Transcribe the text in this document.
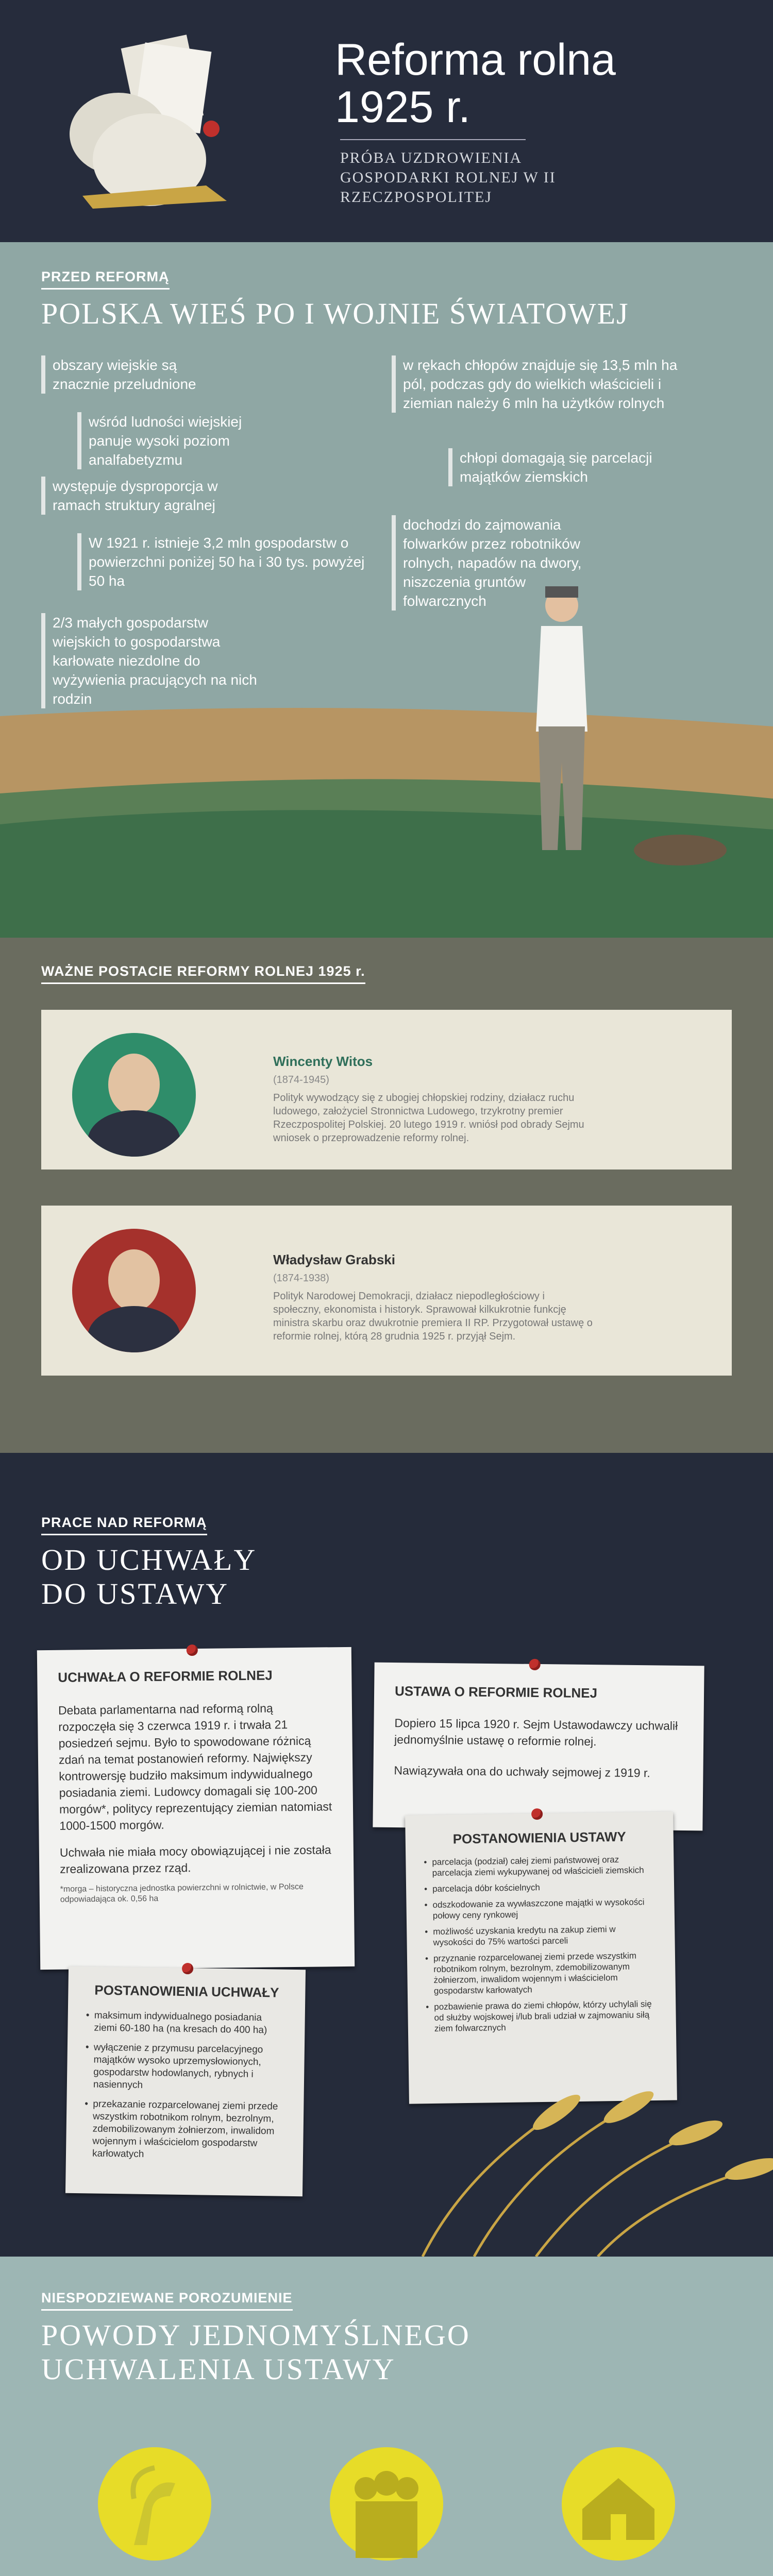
Reforma rolna
1925 r.
PRÓBA UZDROWIENIA GOSPODARKI ROLNEJ W II RZECZPOSPOLITEJ
PRZED REFORMĄ
POLSKA WIEŚ PO I WOJNIE ŚWIATOWEJ
obszary wiejskie są znacznie przeludnione
wśród ludności wiejskiej panuje wysoki poziom analfabetyzmu
występuje dysproporcja w ramach struktury agralnej
W 1921 r. istnieje 3,2 mln gospodarstw o powierzchni poniżej 50 ha i 30 tys. powyżej 50 ha
2/3 małych gospodarstw wiejskich to gospodarstwa karłowate niezdolne do wyżywienia pracujących na nich rodzin
w rękach chłopów znajduje się 13,5 mln ha pól, podczas gdy do wielkich właścicieli i ziemian należy 6 mln ha użytków rolnych
chłopi domagają się parcelacji majątków ziemskich
dochodzi do zajmowania folwarków przez robotników rolnych, napadów na dwory, niszczenia gruntów folwarcznych
WAŻNE POSTACIE REFORMY ROLNEJ 1925 r.
Wincenty Witos
(1874-1945)
Polityk wywodzący się z ubogiej chłopskiej rodziny, działacz ruchu ludowego, założyciel Stronnictwa Ludowego, trzykrotny premier Rzeczpospolitej Polskiej. 20 lutego 1919 r. wniósł pod obrady Sejmu wniosek o przeprowadzenie reformy rolnej.
Władysław Grabski
(1874-1938)
Polityk Narodowej Demokracji, działacz niepodległościowy i społeczny, ekonomista i historyk. Sprawował kilkukrotnie funkcję ministra skarbu oraz dwukrotnie premiera II RP. Przygotował ustawę o reformie rolnej, którą 28 grudnia 1925 r. przyjął Sejm.
PRACE NAD REFORMĄ
OD UCHWAŁY
DO USTAWY
UCHWAŁA O REFORMIE ROLNEJ

Debata parlamentarna nad reformą rolną rozpoczęła się 3 czerwca 1919 r. i trwała 21 posiedzeń sejmu. Było to spowodowane różnicą zdań na temat postanowień reformy. Największy kontrowersję budziło maksimum indywidualnego posiadania ziemi. Ludowcy domagali się 100-200 morgów*, politycy reprezentujący ziemian natomiast 1000-1500 morgów.

Uchwała nie miała mocy obowiązującej i nie została zrealizowana przez rząd.

*morga – historyczna jednostka powierzchni w rolnictwie, w Polsce odpowiadająca ok. 0,56 ha
POSTANOWIENIA UCHWAŁY
• maksimum indywidualnego posiadania ziemi 60-180 ha (na kresach do 400 ha)
• wyłączenie z przymusu parcelacyjnego majątków wysoko uprzemysłowionych, gospodarstw hodowlanych, rybnych i nasiennych
• przekazanie rozparcelowanej ziemi przede wszystkim robotnikom rolnym, bezrolnym, zdemobilizowanym żołnierzom, inwalidom wojennym i właścicielom gospodarstw karłowatych
USTAWA O REFORMIE ROLNEJ

Dopiero 15 lipca 1920 r. Sejm Ustawodawczy uchwalił jednomyślnie ustawę o reformie rolnej.

Nawiązywała ona do uchwały sejmowej z 1919 r.

POSTANOWIENIA USTAWY
• parcelacja (podział) całej ziemi państwowej oraz parcelacja ziemi wykupywanej od właścicieli ziemskich
• parcelacja dóbr kościelnych
• odszkodowanie za wywłaszczone majątki w wysokości połowy ceny rynkowej
• możliwość uzyskania kredytu na zakup ziemi w wysokości do 75% wartości parceli
• przyznanie rozparcelowanej ziemi przede wszystkim robotnikom rolnym, bezrolnym, zdemobilizowanym żołnierzom, inwalidom wojennym i właścicielom gospodarstw karłowatych
• pozbawienie prawa do ziemi chłopów, którzy uchylali się od służby wojskowej i/lub brali udział w zajmowaniu siłą ziem folwarcznych
NIESPODZIEWANE POROZUMIENIE
POWODY JEDNOMYŚLNEGO
UCHWALENIA USTAWY
